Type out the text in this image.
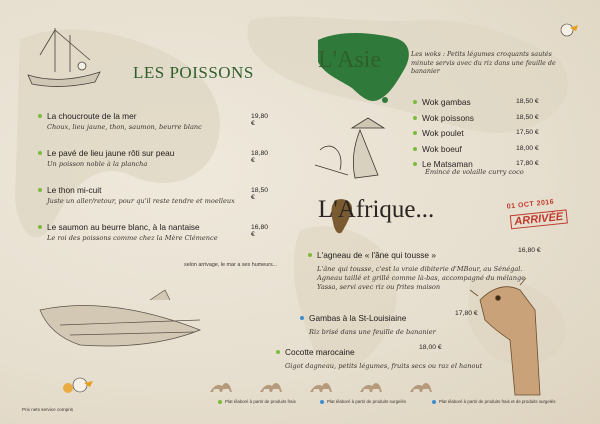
LES POISSONS
La choucroute de la mer	19,80 €
Choux, lieu jaune, thon, saumon, beurre blanc
Le pavé de lieu jaune rôti sur peau	18,80 €
Un poisson noble à la plancha
Le thon mi-cuit	18,50 €
Juste un aller/retour, pour qu'il reste tendre et moelleux
Le saumon au beurre blanc, à la nantaise	16,80 €
Le roi des poissons comme chez la Mère Clémence
selon arrivage, le mar a ses humeurs...
L'Asie	Les woks : Petits légumes croquants sautés minute servis avec du riz dans une feuille de bananier
Wok gambas	18,50 €
Wok poissons	18,50 €
Wok poulet	17,50 €
Wok boeuf	18,00 €
Le Matsaman	17,80 €
Émincé de volaille curry coco
L'Afrique...	01 OCT 2016
ARRIVÉE
L'agneau de « l'âne qui tousse »	16,80 €
L'âne qui tousse, c'est la vraie dibiterie d'MBour, au Sénégal. Agneau taillé et grillé comme là-bas, accompagné du mélange Yassa, servi avec riz ou frites maison
Gambas à la St-Louisiaine	17,80 €
Riz brisé dans une feuille de bananier
Cocotte marocaine	18,00 €
Gigot dagneau, petits légumes, fruits secs ou raz el hanout
Prix nets service compris
Plat élaboré à partir de produits frais	Plat élaboré à partir de produits surgelés	Plat élaboré à partir de produits frais et de produits surgelés
